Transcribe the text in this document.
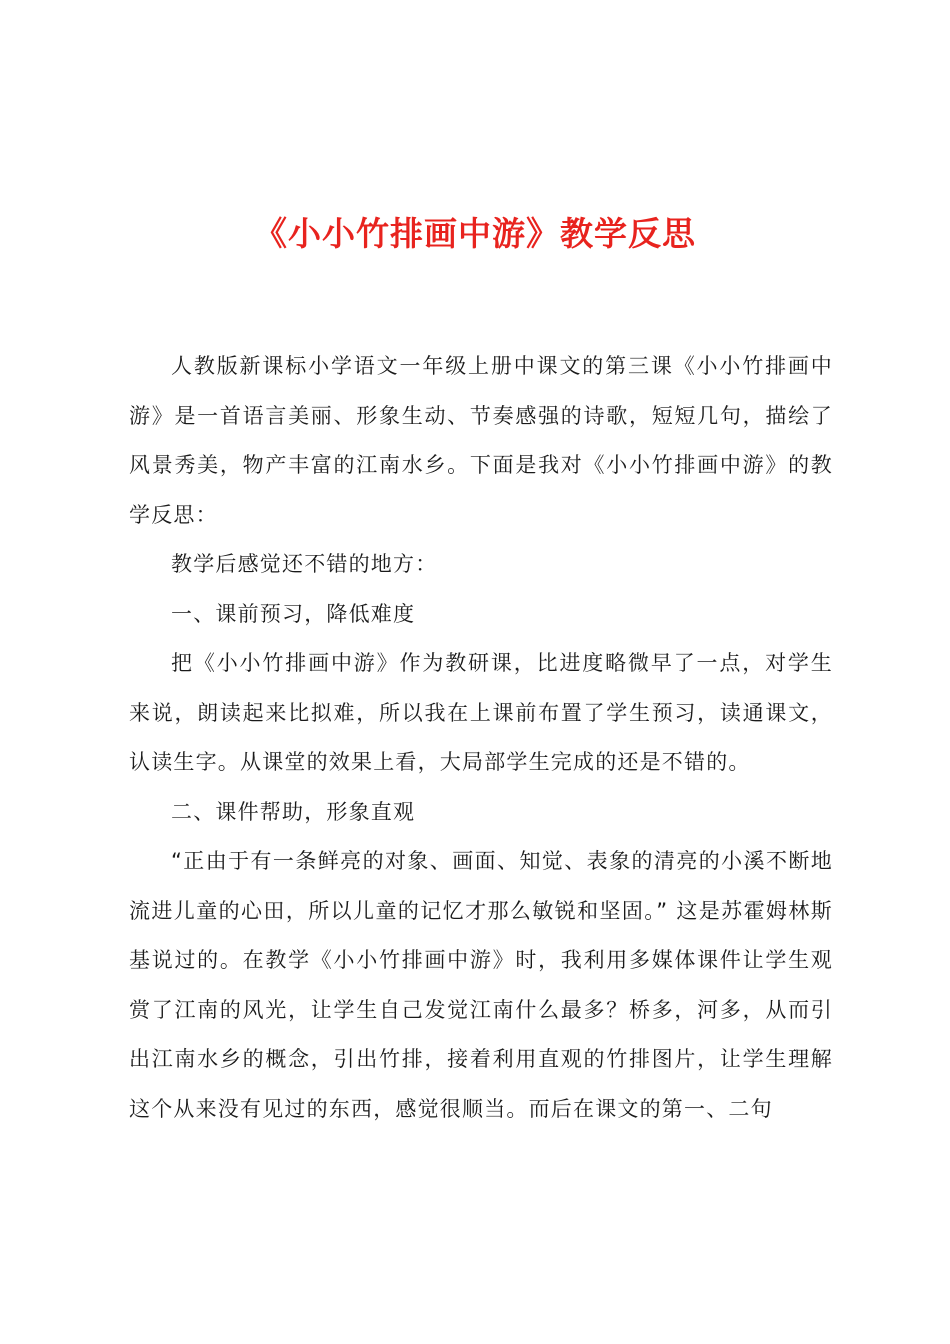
《小小竹排画中游》教学反思

人教版新课标小学语文一年级上册中课文的第三课《小小竹排画中游》是一首语言美丽、形象生动、节奏感强的诗歌，短短几句，描绘了风景秀美，物产丰富的江南水乡。下面是我对《小小竹排画中游》的教学反思：

教学后感觉还不错的地方：

一、课前预习，降低难度

把《小小竹排画中游》作为教研课，比进度略微早了一点，对学生来说，朗读起来比拟难，所以我在上课前布置了学生预习，读通课文，认读生字。从课堂的效果上看，大局部学生完成的还是不错的。

二、课件帮助，形象直观

“正由于有一条鲜亮的对象、画面、知觉、表象的清亮的小溪不断地流进儿童的心田，所以儿童的记忆才那么敏锐和坚固。” 这是苏霍姆林斯基说过的。在教学《小小竹排画中游》时，我利用多媒体课件让学生观赏了江南的风光，让学生自己发觉江南什么最多？桥多，河多，从而引出江南水乡的概念，引出竹排，接着利用直观的竹排图片，让学生理解这个从来没有见过的东西，感觉很顺当。而后在课文的第一、二句
